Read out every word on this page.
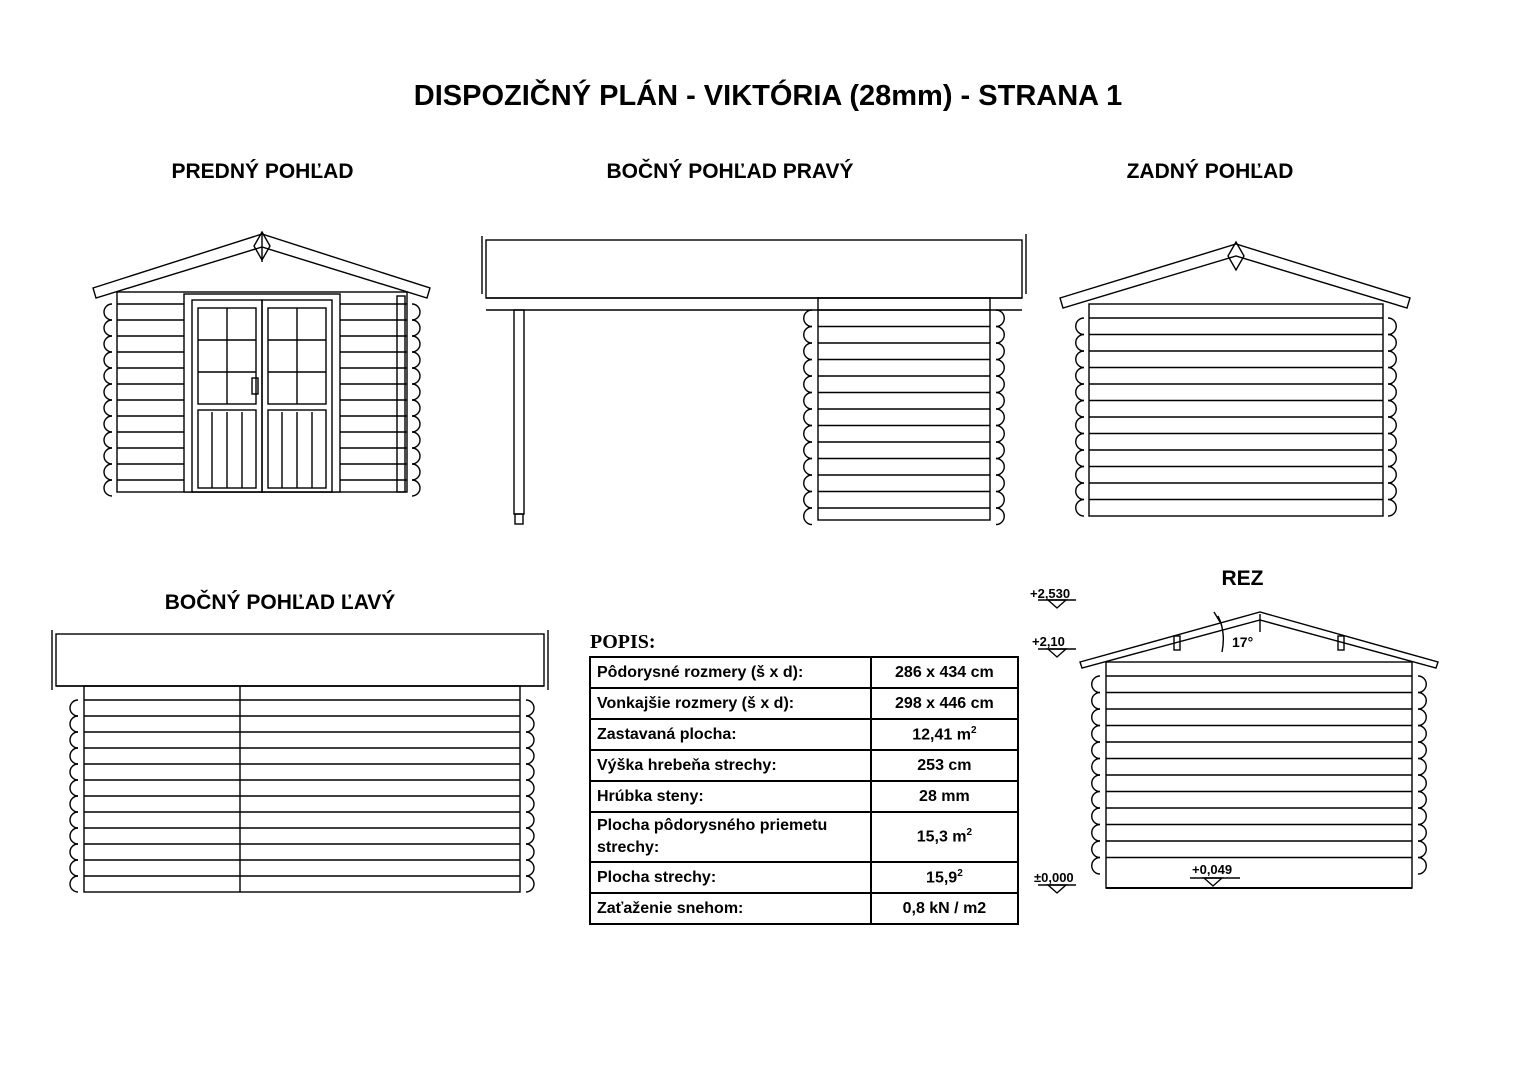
DISPOZIČNÝ PLÁN - VIKTÓRIA (28mm) - STRANA 1
PREDNÝ POHĽAD	BOČNÝ POHĽAD PRAVÝ	ZADNÝ POHĽAD
BOČNÝ POHĽAD ĽAVÝ
REZ
+2,530
+2,10
±0,000
+0,049
17°
POPIS:
Pôdorysné rozmery (š x d):	286 x 434 cm
Vonkajšie rozmery (š x d):	298 x 446 cm
Zastavaná plocha:	12,41 $m^2$
Výška hrebeňa strechy:	253 cm
Hrúbka steny:	28 mm
Plocha pôdorysného priemetu strechy:	15,3 $m^2$
Plocha strechy:	15,9$^2$
Zaťaženie snehom:	0,8 kN / m2
